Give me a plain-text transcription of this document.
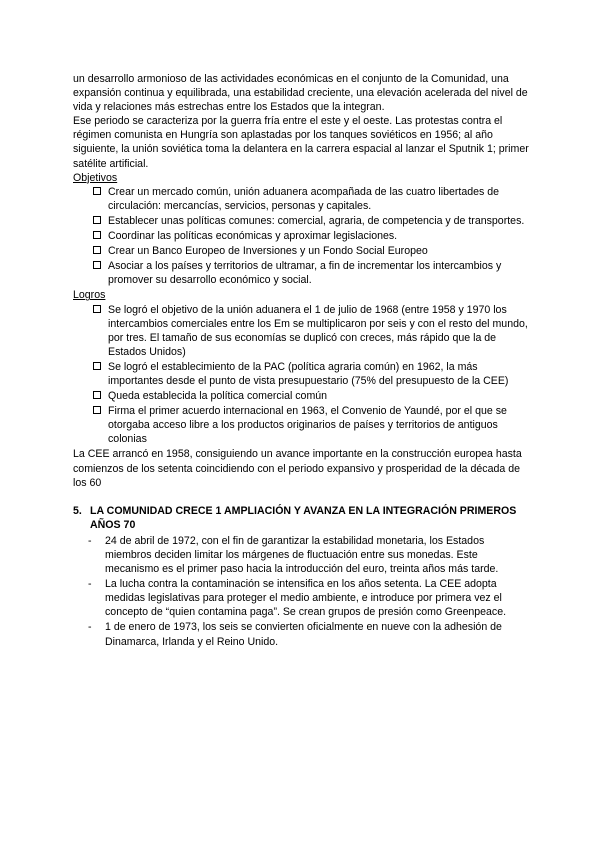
un desarrollo armonioso de las actividades económicas en el conjunto de la Comunidad, una expansión continua y equilibrada, una estabilidad creciente, una elevación acelerada del nivel de vida y relaciones más estrechas entre los Estados que la integran.

Ese periodo se caracteriza por la guerra fría entre el este y el oeste. Las protestas contra el régimen comunista en Hungría son aplastadas por los tanques soviéticos en 1956; al año siguiente, la unión soviética toma la delantera en la carrera espacial al lanzar el Sputnik 1; primer satélite artificial.

Objetivos

Crear un mercado común, unión aduanera acompañada de las cuatro libertades de circulación: mercancías, servicios, personas y capitales.
Establecer unas políticas comunes: comercial, agraria, de competencia y de transportes.
Coordinar las políticas económicas y aproximar legislaciones.
Crear un Banco Europeo de Inversiones y un Fondo Social Europeo
Asociar a los países y territorios de ultramar, a fin de incrementar los intercambios y promover su desarrollo económico y social.

Logros

Se logró el objetivo de la unión aduanera el 1 de julio de 1968 (entre 1958 y 1970 los intercambios comerciales entre los Em se multiplicaron por seis y con el resto del mundo, por tres. El tamaño de sus economías se duplicó con creces, más rápido que la de Estados Unidos)
Se logró el establecimiento de la PAC (política agraria común) en 1962, la más importantes desde el punto de vista presupuestario (75% del presupuesto de la CEE)
Queda establecida la política comercial común
Firma el primer acuerdo internacional en 1963, el Convenio de Yaundé, por el que se otorgaba acceso libre a los productos originarios de países y territorios de antiguos colonias

La CEE arrancó en 1958, consiguiendo un avance importante en la construcción europea hasta comienzos de los setenta coincidiendo con el periodo expansivo y prosperidad de la década de los 60

5. LA COMUNIDAD CRECE 1 AMPLIACIÓN Y AVANZA EN LA INTEGRACIÓN PRIMEROS AÑOS 70
- 24 de abril de 1972, con el fin de garantizar la estabilidad monetaria, los Estados miembros deciden limitar los márgenes de fluctuación entre sus monedas. Este mecanismo es el primer paso hacia la introducción del euro, treinta años más tarde.
- La lucha contra la contaminación se intensifica en los años setenta. La CEE adopta medidas legislativas para proteger el medio ambiente, e introduce por primera vez el concepto de “quien contamina paga”. Se crean grupos de presión como Greenpeace.
- 1 de enero de 1973, los seis se convierten oficialmente en nueve con la adhesión de Dinamarca, Irlanda y el Reino Unido.
